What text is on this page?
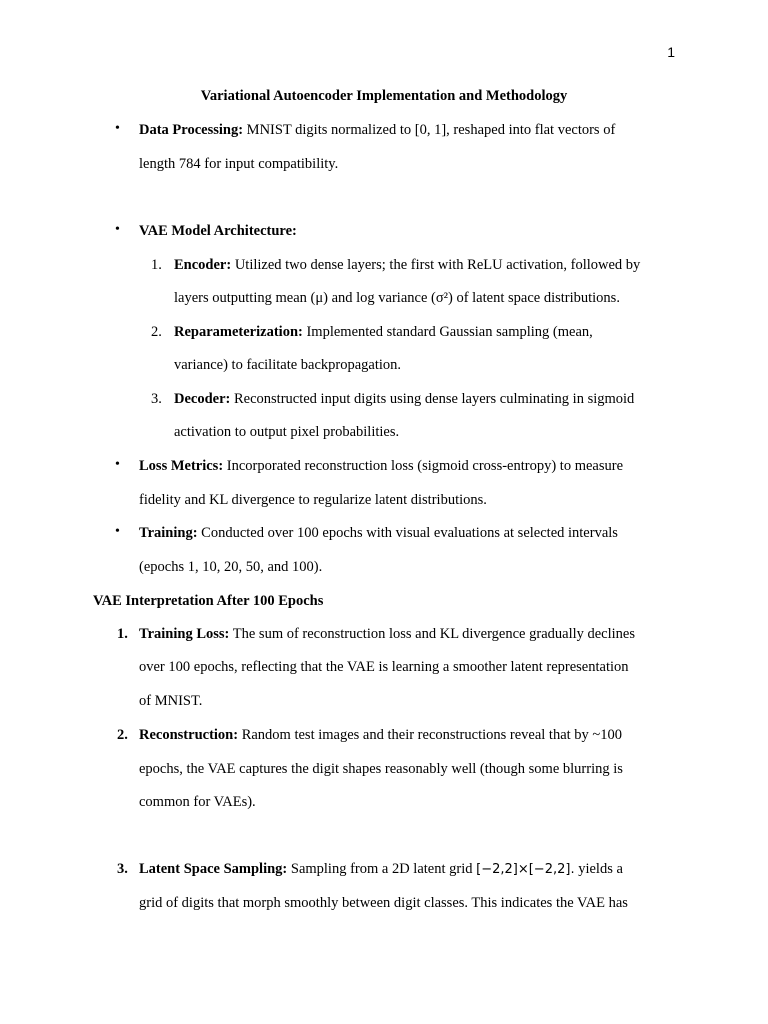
1
Variational Autoencoder Implementation and Methodology
• Data Processing: MNIST digits normalized to [0, 1], reshaped into flat vectors of
length 784 for input compatibility.
• VAE Model Architecture:
1. Encoder: Utilized two dense layers; the first with ReLU activation, followed by
layers outputting mean (μ) and log variance (σ²) of latent space distributions.
2. Reparameterization: Implemented standard Gaussian sampling (mean,
variance) to facilitate backpropagation.
3. Decoder: Reconstructed input digits using dense layers culminating in sigmoid
activation to output pixel probabilities.
• Loss Metrics: Incorporated reconstruction loss (sigmoid cross-entropy) to measure
fidelity and KL divergence to regularize latent distributions.
• Training: Conducted over 100 epochs with visual evaluations at selected intervals
(epochs 1, 10, 20, 50, and 100).
VAE Interpretation After 100 Epochs
1. Training Loss: The sum of reconstruction loss and KL divergence gradually declines
over 100 epochs, reflecting that the VAE is learning a smoother latent representation
of MNIST.
2. Reconstruction: Random test images and their reconstructions reveal that by ~100
epochs, the VAE captures the digit shapes reasonably well (though some blurring is
common for VAEs).
3. Latent Space Sampling: Sampling from a 2D latent grid [−2,2]×[−2,2]. yields a
grid of digits that morph smoothly between digit classes. This indicates the VAE has
